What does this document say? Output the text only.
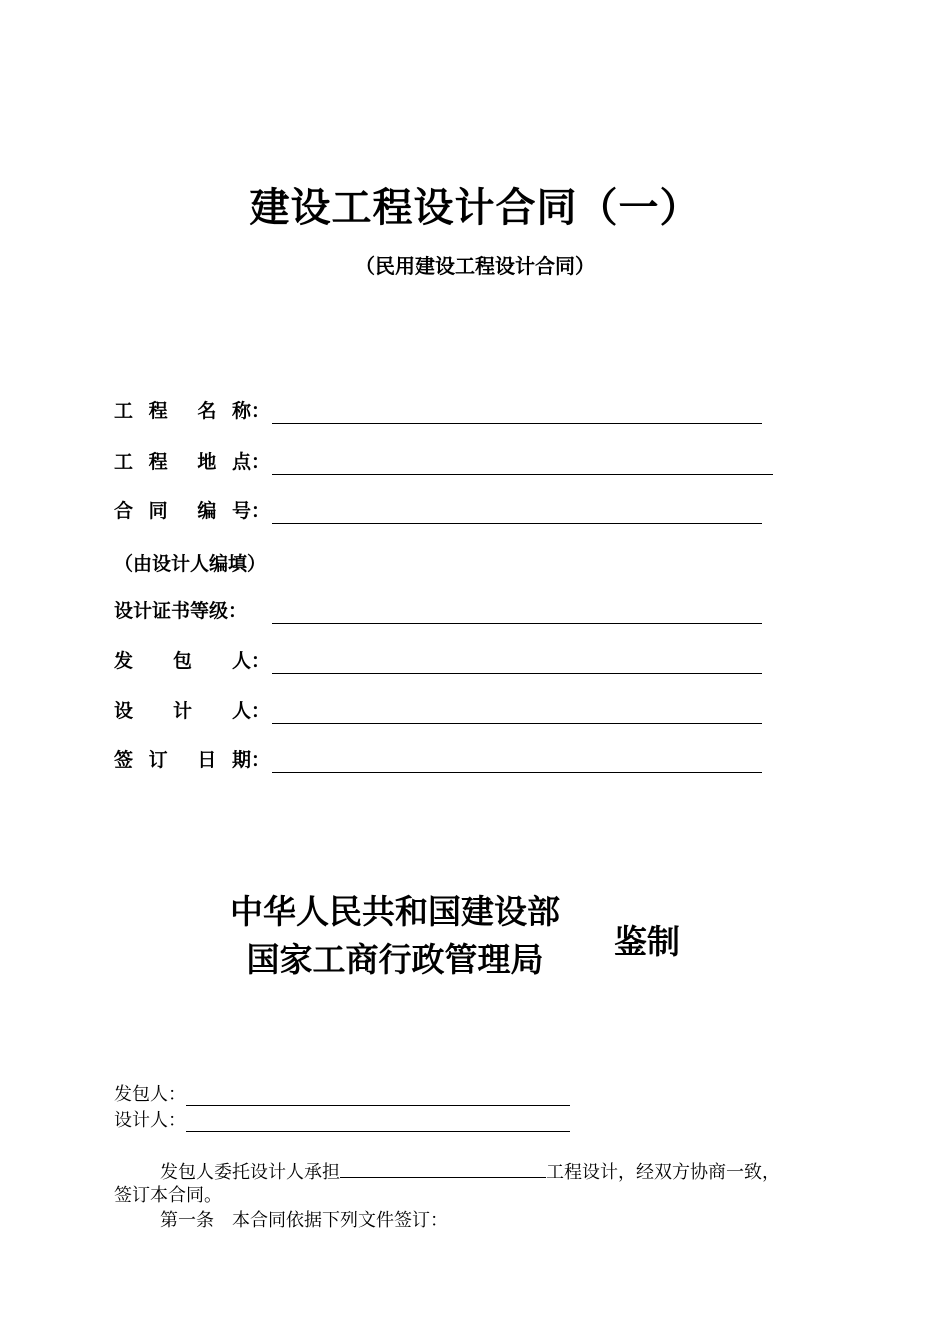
建设工程设计合同（一）
（民用建设工程设计合同）
工 程 名 称：
工 程 地 点：
合 同 编 号：
（由设计人编填）
设计证书等级：
发 包 人：
设 计 人：
签 订 日 期：
中华人民共和国建设部
国家工商行政管理局	鉴制
发包人：
设计人：
发包人委托设计人承担	工程设计，经双方协商一致，
签订本合同。
第一条　本合同依据下列文件签订：
